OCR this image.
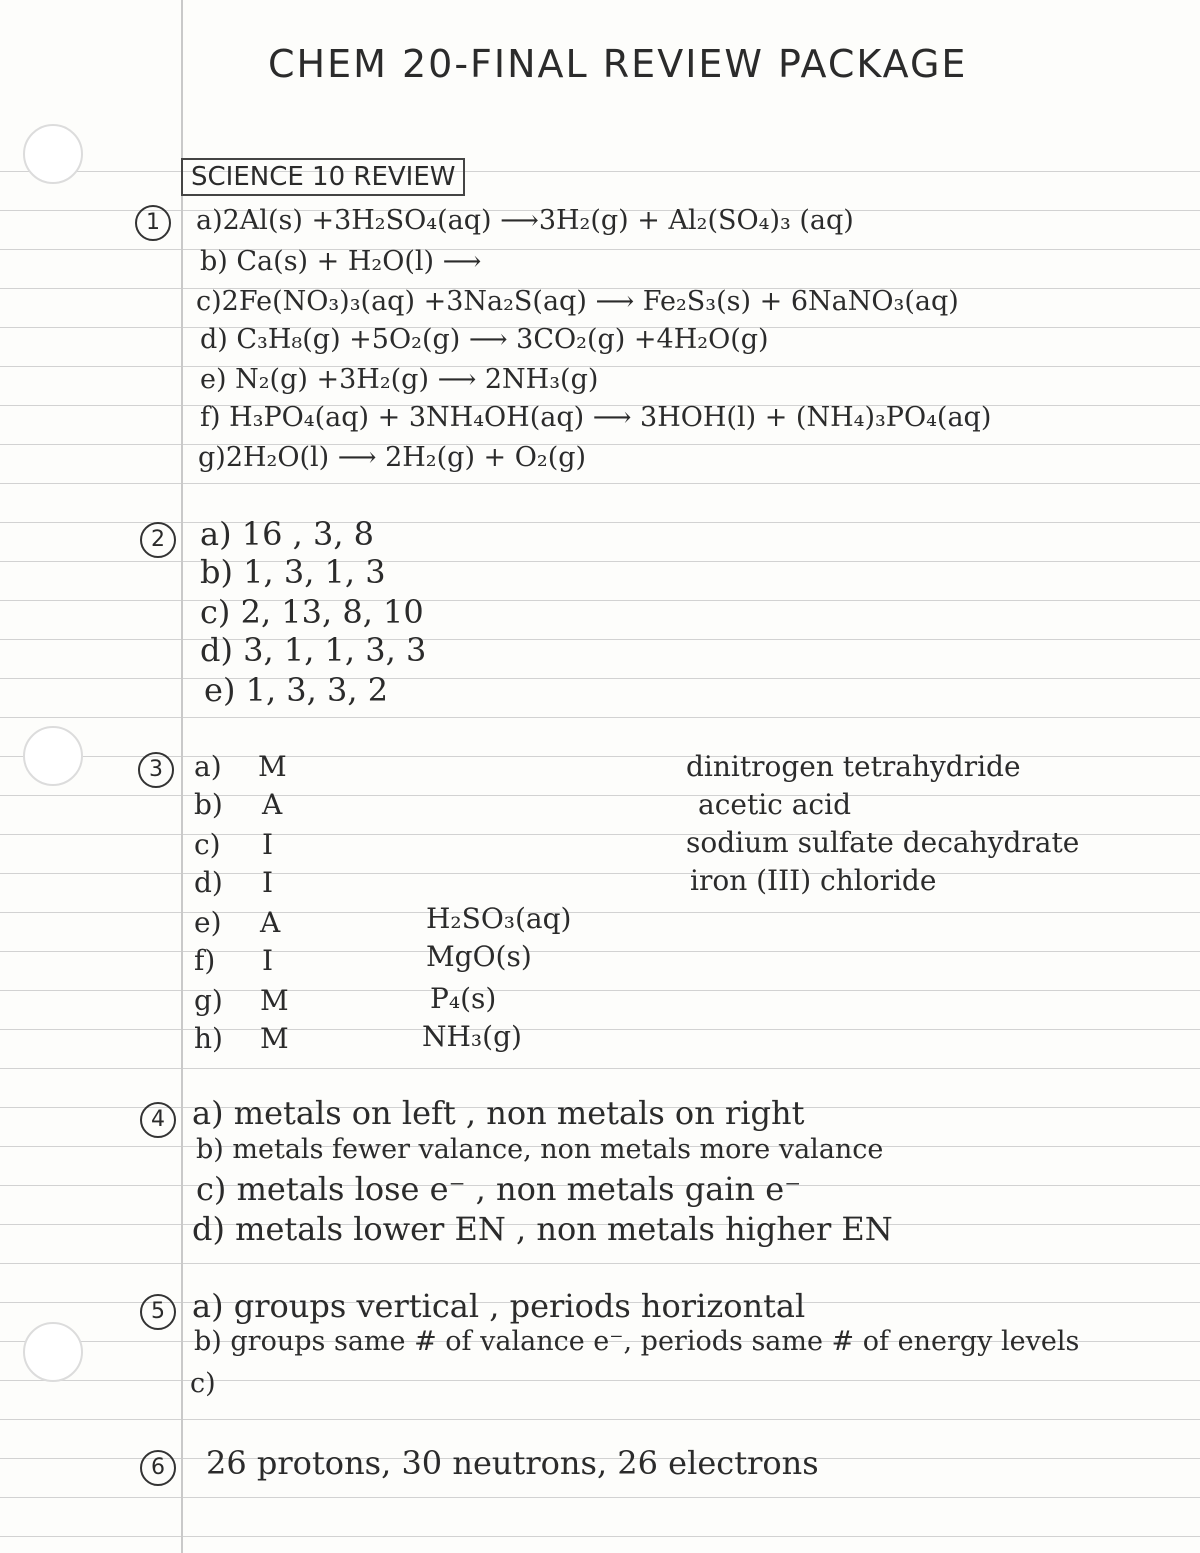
CHEM 20-FINAL REVIEW PACKAGE
SCIENCE 10 REVIEW
1	a)2Al(s) +3H₂SO₄(aq) ⟶3H₂(g) + Al₂(SO₄)₃ (aq)
b) Ca(s) + H₂O(l) ⟶
c)2Fe(NO₃)₃(aq) +3Na₂S(aq) ⟶ Fe₂S₃(s) + 6NaNO₃(aq)
d) C₃H₈(g) +5O₂(g) ⟶ 3CO₂(g) +4H₂O(g)
e) N₂(g) +3H₂(g) ⟶ 2NH₃(g)
f) H₃PO₄(aq) + 3NH₄OH(aq) ⟶ 3HOH(l) + (NH₄)₃PO₄(aq)
g)2H₂O(l) ⟶ 2H₂(g) + O₂(g)
2	a) 16 , 3, 8
b) 1, 3, 1, 3
c) 2, 13, 8, 10
d) 3, 1, 1, 3, 3
e) 1, 3, 3, 2
3	a) M	dinitrogen tetrahydride
b) A	acetic acid
c) I	sodium sulfate decahydrate
d) I	iron (III) chloride
e) A	H₂SO₃(aq)
f) I	MgO(s)
g) M	P₄(s)
h) M	NH₃(g)
4 a) metals on left , non metals on right
b) metals fewer valance, non metals more valance
c) metals lose e⁻ , non metals gain e⁻
d) metals lower EN , non metals higher EN
5 a) groups vertical , periods horizontal
b) groups same # of valance e⁻, periods same # of energy levels
c)
6	26 protons, 30 neutrons, 26 electrons
